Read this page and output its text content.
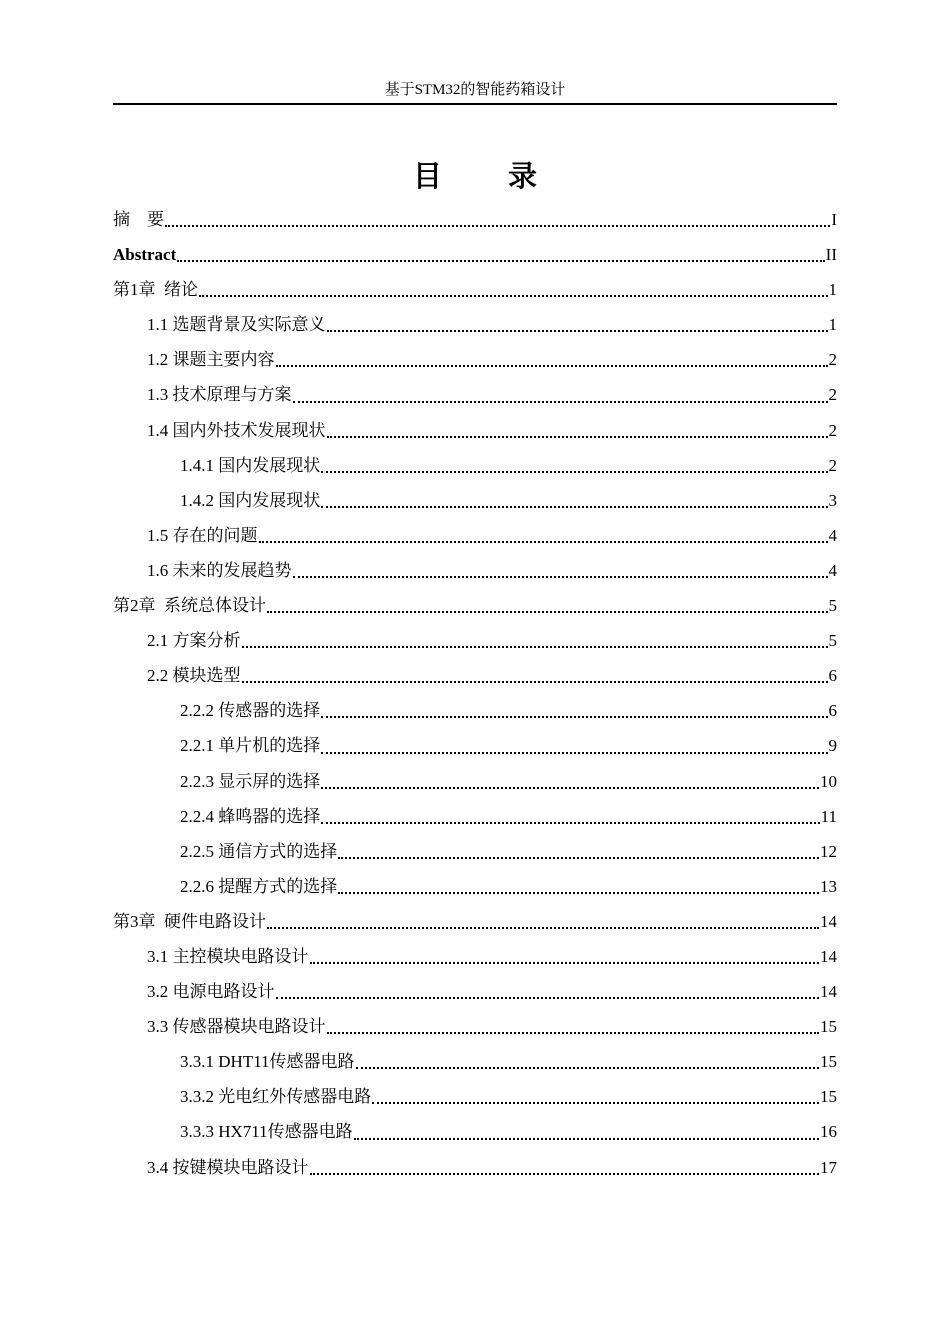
基于STM32的智能药箱设计
目 录
摘    要	I
Abstract	II
第1章  绪论	1
1.1 选题背景及实际意义	1
1.2 课题主要内容	2
1.3 技术原理与方案	2
1.4 国内外技术发展现状	2
1.4.1 国内发展现状	2
1.4.2 国内发展现状	3
1.5 存在的问题	4
1.6 未来的发展趋势	4
第2章  系统总体设计	5
2.1 方案分析	5
2.2 模块选型	6
2.2.2 传感器的选择	6
2.2.1 单片机的选择	9
2.2.3 显示屏的选择	10
2.2.4 蜂鸣器的选择	11
2.2.5 通信方式的选择	12
2.2.6 提醒方式的选择	13
第3章  硬件电路设计	14
3.1 主控模块电路设计	14
3.2 电源电路设计	14
3.3 传感器模块电路设计	15
3.3.1 DHT11传感器电路	15
3.3.2 光电红外传感器电路	15
3.3.3 HX711传感器电路	16
3.4 按键模块电路设计	17
